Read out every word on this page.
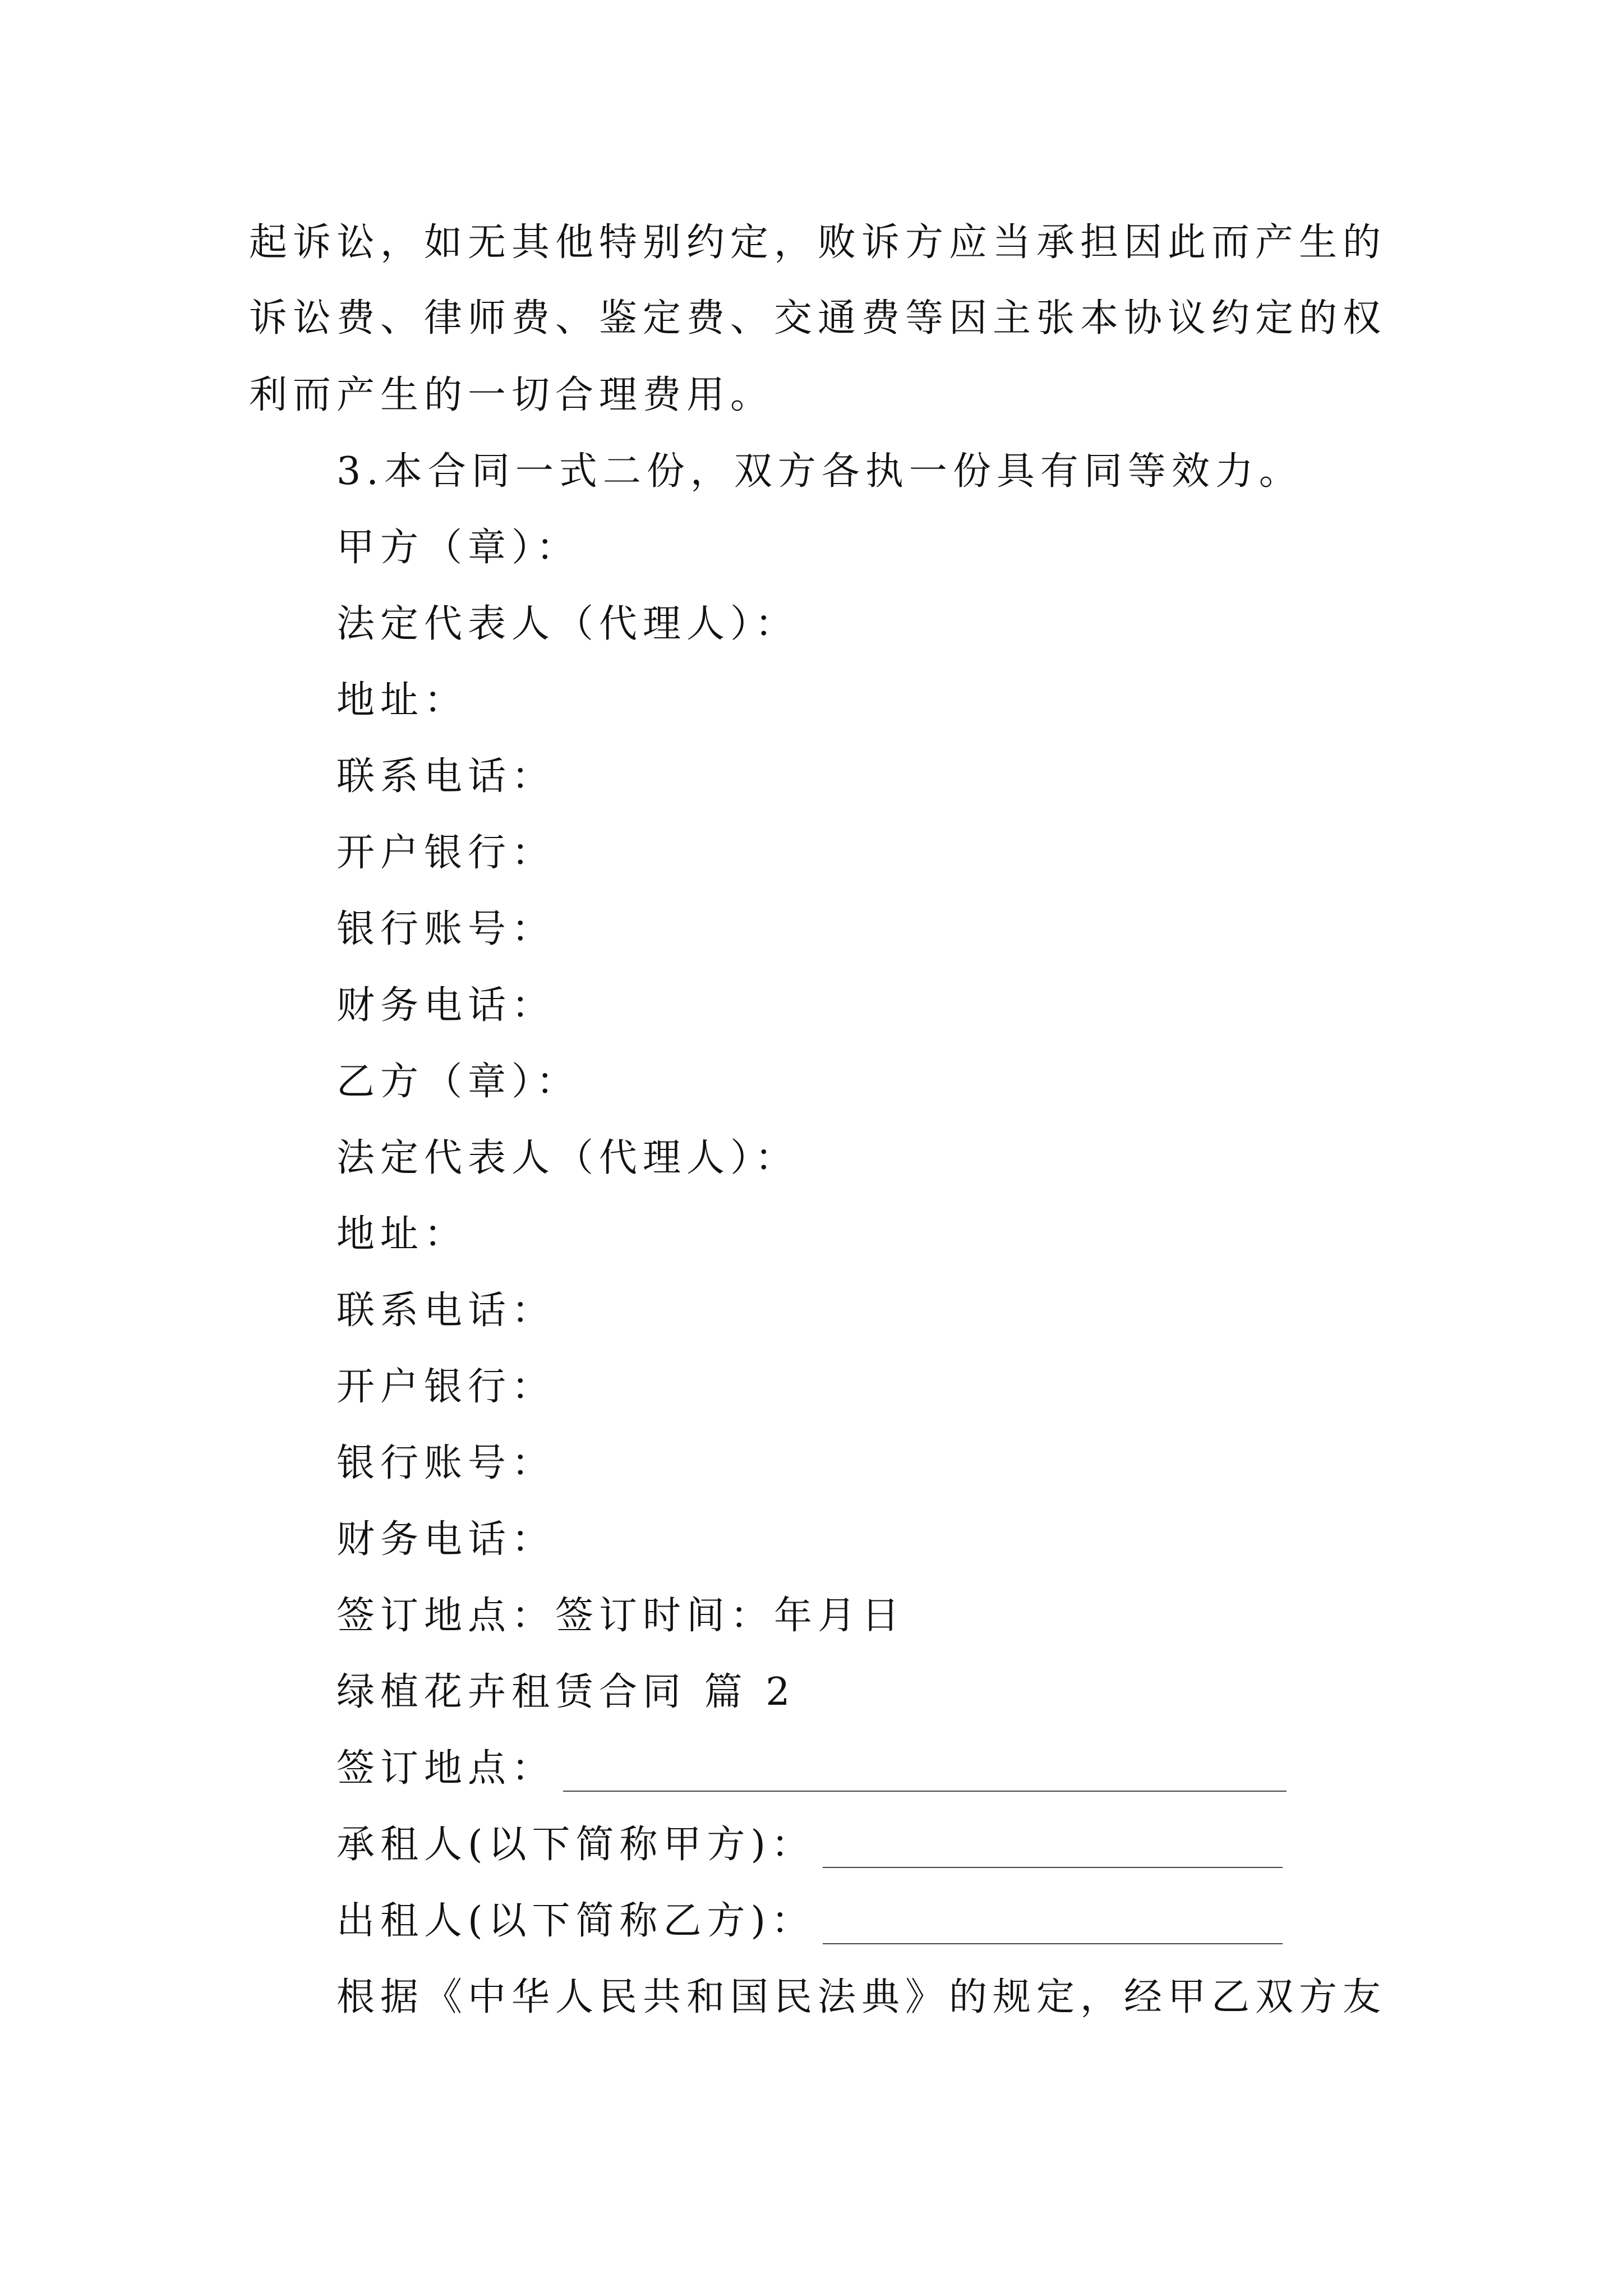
起诉讼，如无其他特别约定，败诉方应当承担因此而产生的
诉讼费、律师费、鉴定费、交通费等因主张本协议约定的权
利而产生的一切合理费用。
3.本合同一式二份，双方各执一份具有同等效力。
甲方（章）：
法定代表人（代理人）：
地址：
联系电话：
开户银行：
银行账号：
财务电话：
乙方（章）：
法定代表人（代理人）：
地址：
联系电话：
开户银行：
银行账号：
财务电话：
签订地点：签订时间：年月日
绿植花卉租赁合同 篇 2
签订地点：
承租人(以下简称甲方)：
出租人(以下简称乙方)：
根据《中华人民共和国民法典》的规定，经甲乙双方友
